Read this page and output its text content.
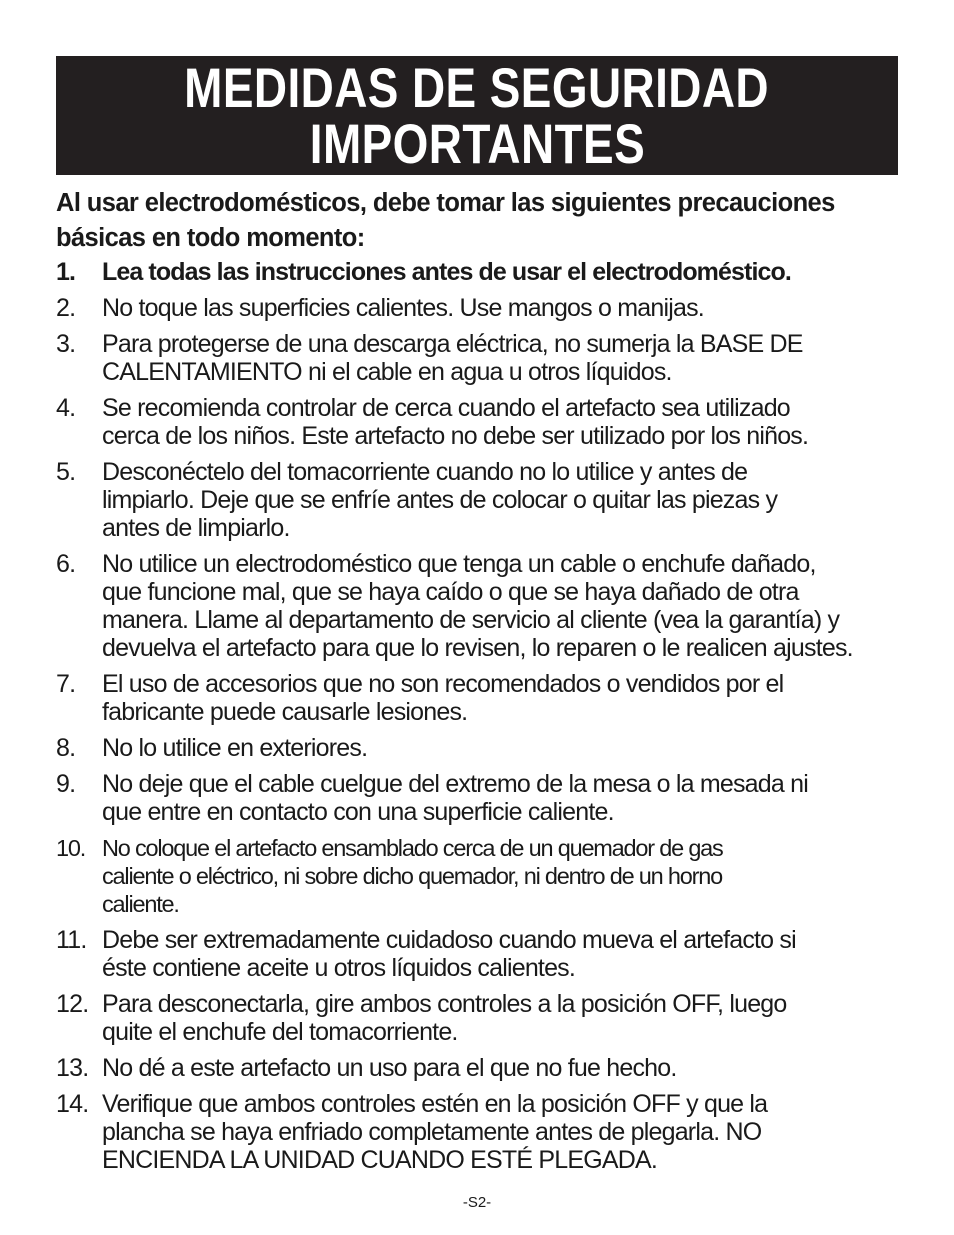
MEDIDAS DE SEGURIDAD
IMPORTANTES
Al usar electrodomésticos, debe tomar las siguientes precauciones básicas en todo momento:
1. Lea todas las instrucciones antes de usar el electrodoméstico.
2. No toque las superficies calientes. Use mangos o manijas.
3. Para protegerse de una descarga eléctrica, no sumerja la BASE DE
CALENTAMIENTO ni el cable en agua u otros líquidos.
4. Se recomienda controlar de cerca cuando el artefacto sea utilizado
cerca de los niños. Este artefacto no debe ser utilizado por los niños.
5. Desconéctelo del tomacorriente cuando no lo utilice y antes de
limpiarlo. Deje que se enfríe antes de colocar o quitar las piezas y
antes de limpiarlo.
6. No utilice un electrodoméstico que tenga un cable o enchufe dañado,
que funcione mal, que se haya caído o que se haya dañado de otra
manera. Llame al departamento de servicio al cliente (vea la garantía) y
devuelva el artefacto para que lo revisen, lo reparen o le realicen ajustes.
7. El uso de accesorios que no son recomendados o vendidos por el
fabricante puede causarle lesiones.
8. No lo utilice en exteriores.
9. No deje que el cable cuelgue del extremo de la mesa o la mesada ni
que entre en contacto con una superficie caliente.
10. No coloque el artefacto ensamblado cerca de un quemador de gas
caliente o eléctrico, ni sobre dicho quemador, ni dentro de un horno
caliente.
11. Debe ser extremadamente cuidadoso cuando mueva el artefacto si
éste contiene aceite u otros líquidos calientes.
12. Para desconectarla, gire ambos controles a la posición OFF, luego
quite el enchufe del tomacorriente.
13. No dé a este artefacto un uso para el que no fue hecho.
14. Verifique que ambos controles estén en la posición OFF y que la
plancha se haya enfriado completamente antes de plegarla. NO
ENCIENDA LA UNIDAD CUANDO ESTÉ PLEGADA.
-S2-
